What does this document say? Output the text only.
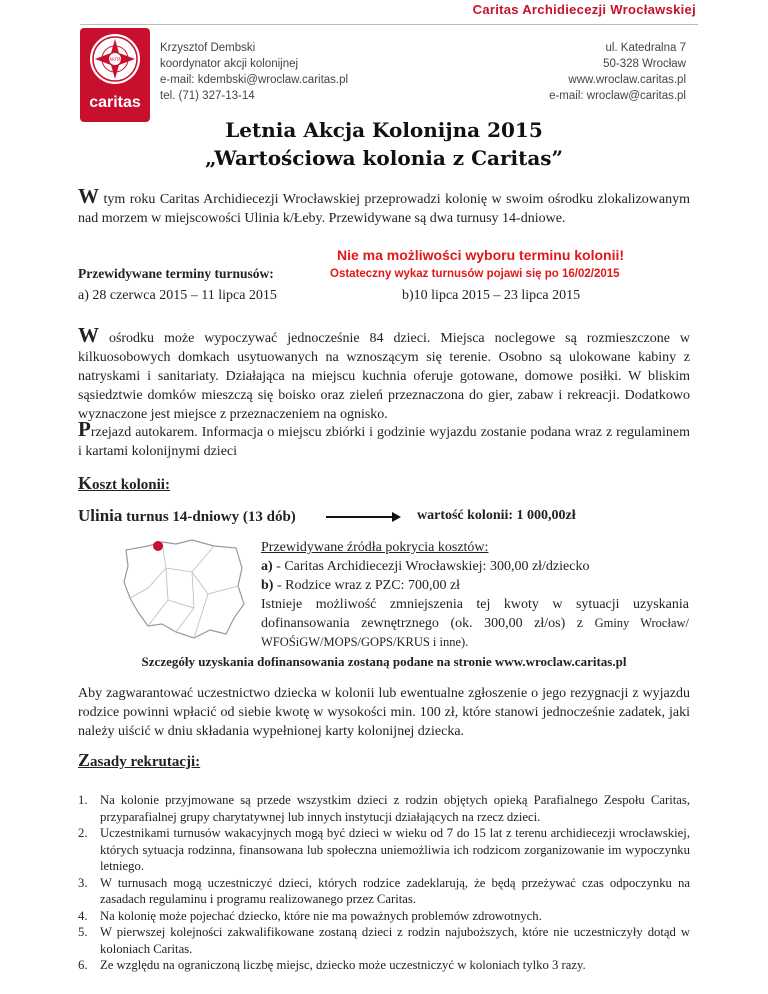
Caritas Archidiecezji Wrocławskiej
CARITAS
caritas
Krzysztof Dembski
koordynator akcji kolonijnej
e-mail: kdembski@wroclaw.caritas.pl
tel. (71) 327-13-14
ul. Katedralna 7
50-328 Wrocław
www.wroclaw.caritas.pl
e-mail: wroclaw@caritas.pl
Letnia Akcja Kolonijna 2015
„Wartościowa kolonia z Caritas”
W tym roku Caritas Archidiecezji Wrocławskiej przeprowadzi kolonię w swoim ośrodku zlokalizowanym nad morzem w miejscowości Ulinia k/Łeby. Przewidywane są dwa turnusy 14-dniowe.
Nie ma możliwości wyboru terminu kolonii!
Przewidywane terminy turnusów:	Ostateczny wykaz turnusów pojawi się po 16/02/2015
a) 28 czerwca 2015 – 11 lipca 2015	b)10 lipca 2015 – 23 lipca 2015
W ośrodku może wypoczywać jednocześnie 84 dzieci. Miejsca noclegowe są rozmieszczone w kilkuosobowych domkach usytuowanych na wznoszącym się terenie. Osobno są ulokowane kabiny z natryskami i sanitariaty. Działająca na miejscu kuchnia oferuje gotowane, domowe posiłki. W bliskim sąsiedztwie domków mieszczą się boisko oraz zieleń przeznaczona do gier, zabaw i rekreacji. Dodatkowo wyznaczone jest miejsce z przeznaczeniem na ognisko.
Przejazd autokarem. Informacja o miejscu zbiórki i godzinie wyjazdu zostanie podana wraz z regulaminem i kartami kolonijnymi dzieci
Koszt kolonii:
Ulinia turnus 14-dniowy (13 dób)	wartość kolonii: 1 000,00zł
Przewidywane źródła pokrycia kosztów:
a) - Caritas Archidiecezji Wrocławskiej: 300,00 zł/dziecko
b) - Rodzice wraz z PZC: 700,00 zł
Istnieje możliwość zmniejszenia tej kwoty w sytuacji uzyskania dofinansowania zewnętrznego (ok. 300,00 zł/os) z Gminy Wrocław/ WFOŚiGW/MOPS/GOPS/KRUS i inne).
Szczegóły uzyskania dofinansowania zostaną podane na stronie www.wroclaw.caritas.pl
Aby zagwarantować uczestnictwo dziecka w kolonii lub ewentualne zgłoszenie o jego rezygnacji z wyjazdu rodzice powinni wpłacić od siebie kwotę w wysokości min. 100 zł, które stanowi jednocześnie zadatek, jaki należy uiścić w dniu składania wypełnionej karty kolonijnej dziecka.
Zasady rekrutacji:
1. Na kolonie przyjmowane są przede wszystkim dzieci z rodzin objętych opieką Parafialnego Zespołu Caritas, przyparafialnej grupy charytatywnej lub innych instytucji działających na rzecz dzieci.
2. Uczestnikami turnusów wakacyjnych mogą być dzieci w wieku od 7 do 15 lat z terenu archidiecezji wrocławskiej, których sytuacja rodzinna, finansowana lub społeczna uniemożliwia ich rodzicom zorganizowanie im wypoczynku letniego.
3. W turnusach mogą uczestniczyć dzieci, których rodzice zadeklarują, że będą przeżywać czas odpoczynku na zasadach regulaminu i programu realizowanego przez Caritas.
4. Na kolonię może pojechać dziecko, które nie ma poważnych problemów zdrowotnych.
5. W pierwszej kolejności zakwalifikowane zostaną dzieci z rodzin najuboższych, które nie uczestniczyły dotąd w koloniach Caritas.
6. Ze względu na ograniczoną liczbę miejsc, dziecko może uczestniczyć w koloniach tylko 3 razy.
